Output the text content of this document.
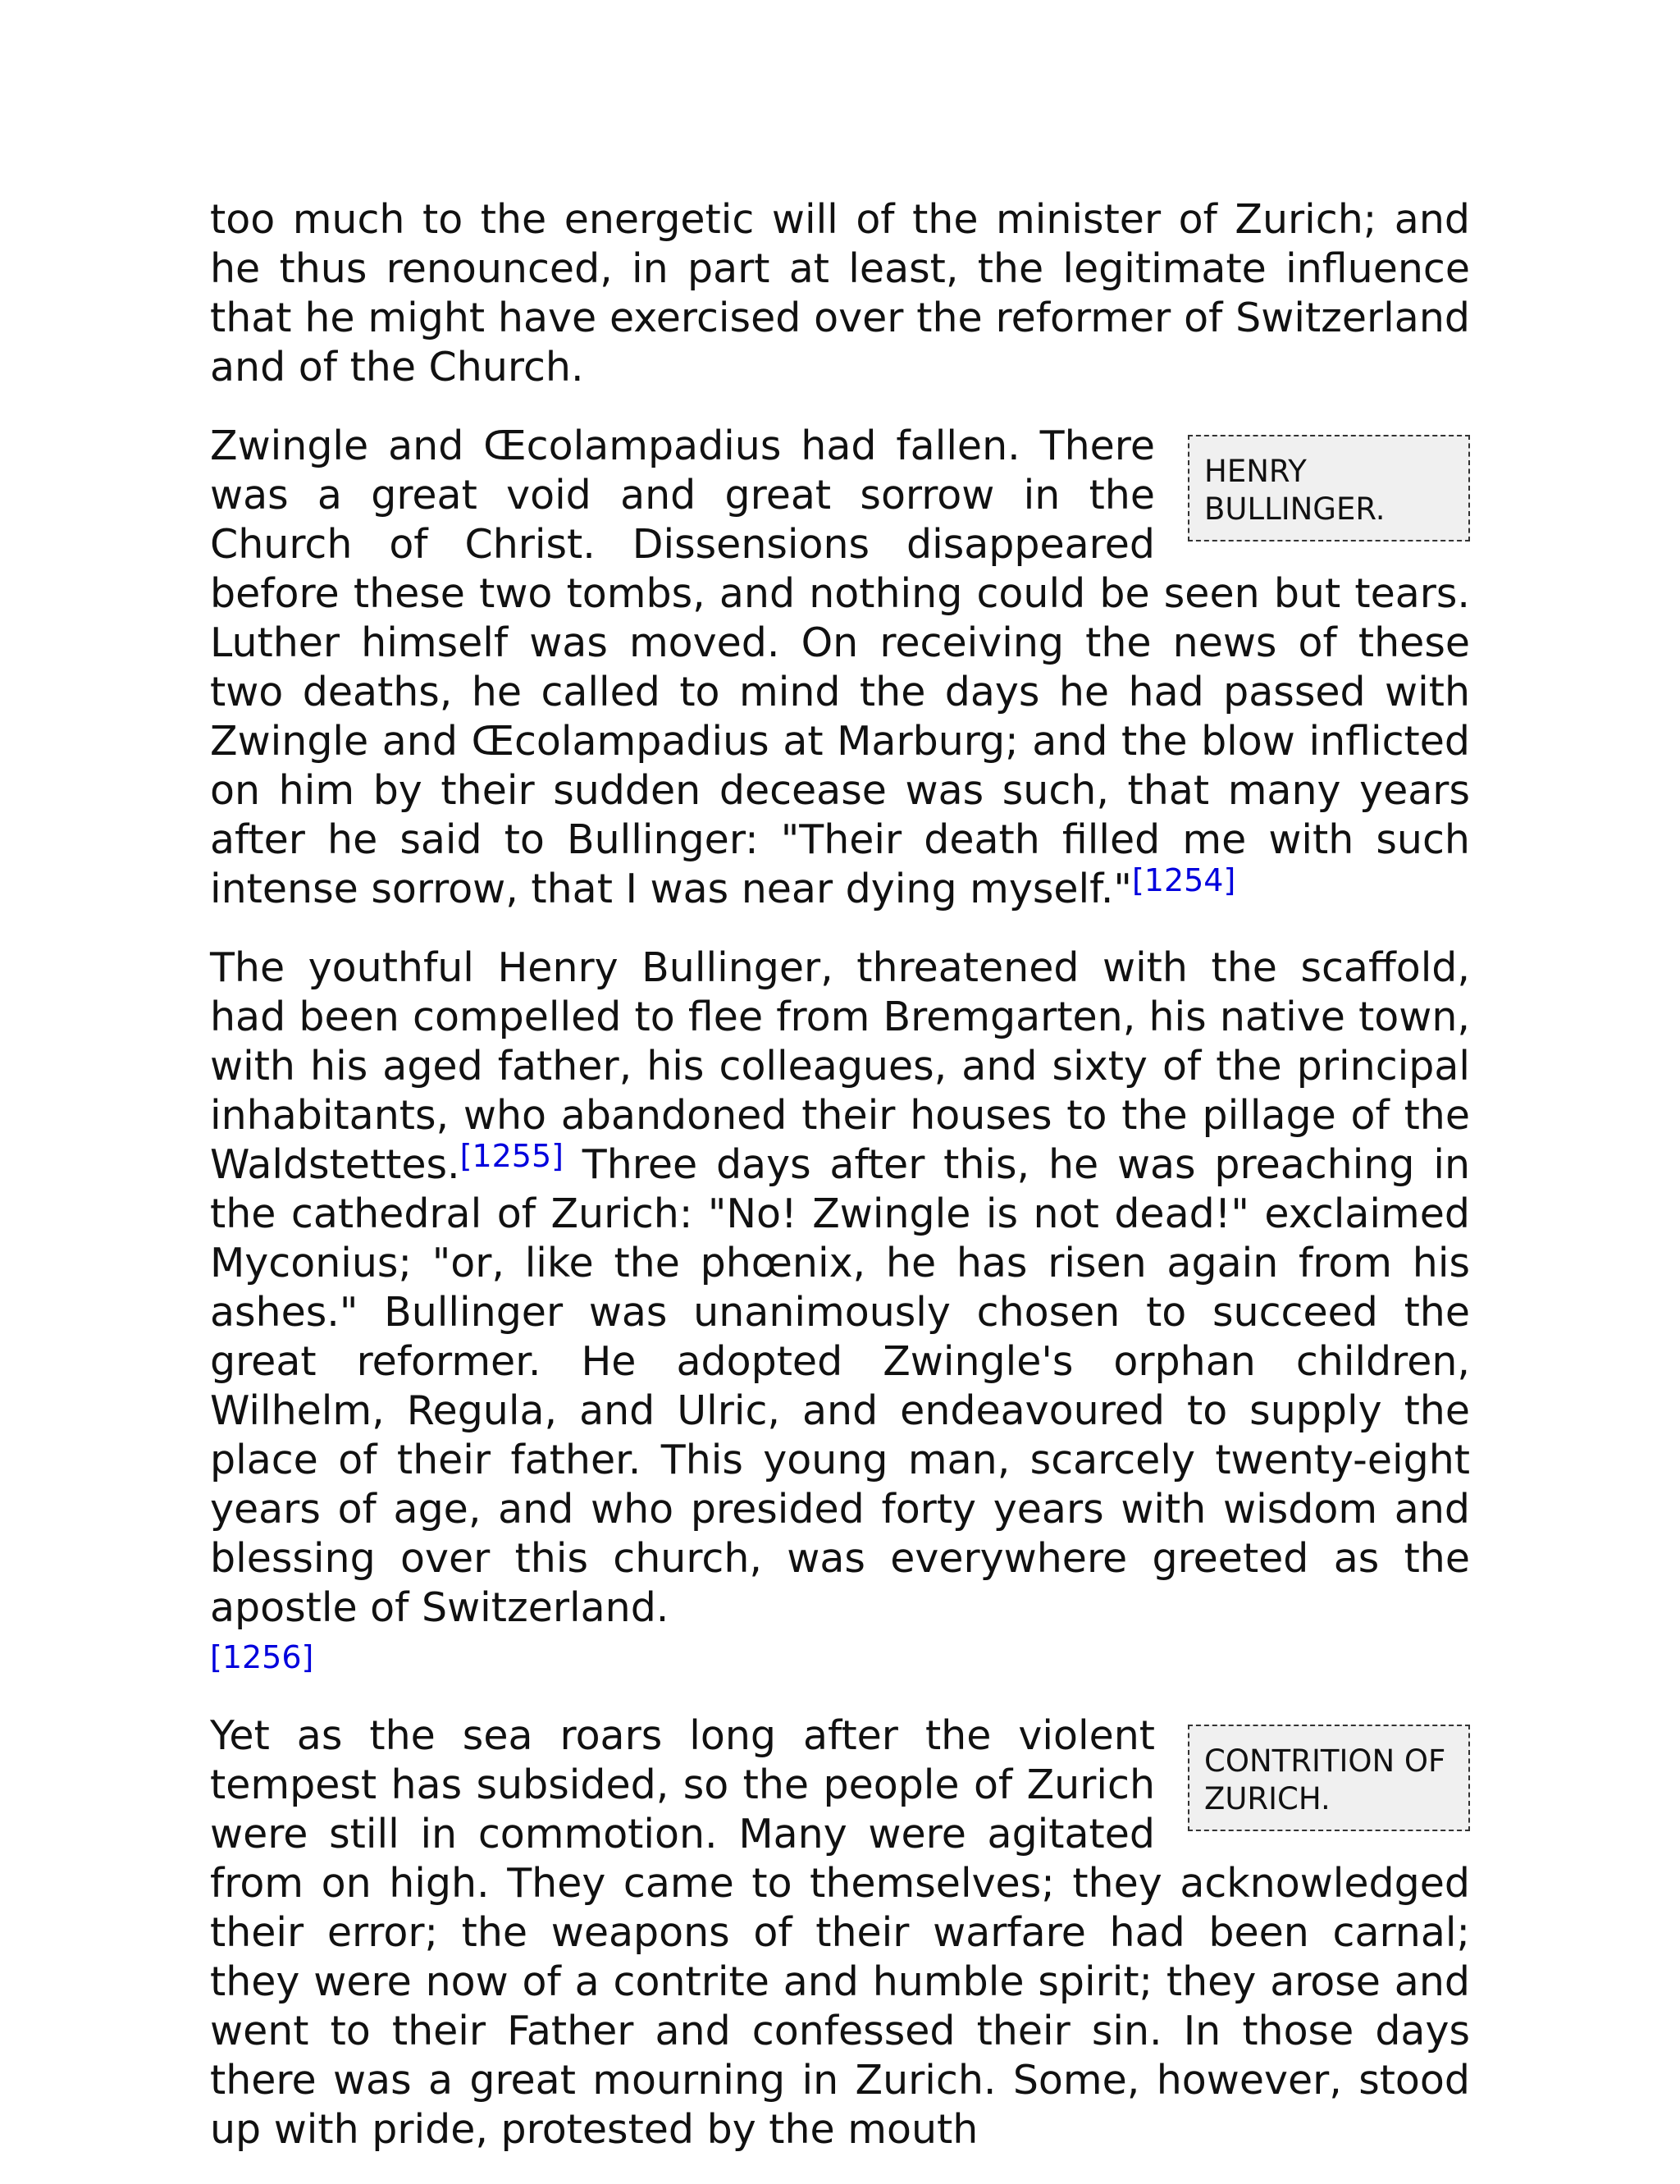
too much to the energetic will of the minister of Zurich; and he thus renounced, in part at least, the legitimate influence that he might have exercised over the reformer of Switzerland and of the Church.

HENRY BULLINGER.
Zwingle and Œcolampadius had fallen. There was a great void and great sorrow in the Church of Christ. Dissensions disappeared before these two tombs, and nothing could be seen but tears. Luther himself was moved. On receiving the news of these two deaths, he called to mind the days he had passed with Zwingle and Œcolampadius at Marburg; and the blow inflicted on him by their sudden decease was such, that many years after he said to Bullinger: "Their death filled me with such intense sorrow, that I was near dying myself."[1254]

The youthful Henry Bullinger, threatened with the scaffold, had been compelled to flee from Bremgarten, his native town, with his aged father, his colleagues, and sixty of the principal inhabitants, who abandoned their houses to the pillage of the Waldstettes.[1255] Three days after this, he was preaching in the cathedral of Zurich: "No! Zwingle is not dead!" exclaimed Myconius; "or, like the phœnix, he has risen again from his ashes." Bullinger was unanimously chosen to succeed the great reformer. He adopted Zwingle's orphan children, Wilhelm, Regula, and Ulric, and endeavoured to supply the place of their father. This young man, scarcely twenty-eight years of age, and who presided forty years with wisdom and blessing over this church, was everywhere greeted as the apostle of Switzerland.
[1256]

CONTRITION OF ZURICH.
Yet as the sea roars long after the violent tempest has subsided, so the people of Zurich were still in commotion. Many were agitated from on high. They came to themselves; they acknowledged their error; the weapons of their warfare had been carnal; they were now of a contrite and humble spirit; they arose and went to their Father and confessed their sin. In those days there was a great mourning in Zurich. Some, however, stood up with pride, protested by the mouth
